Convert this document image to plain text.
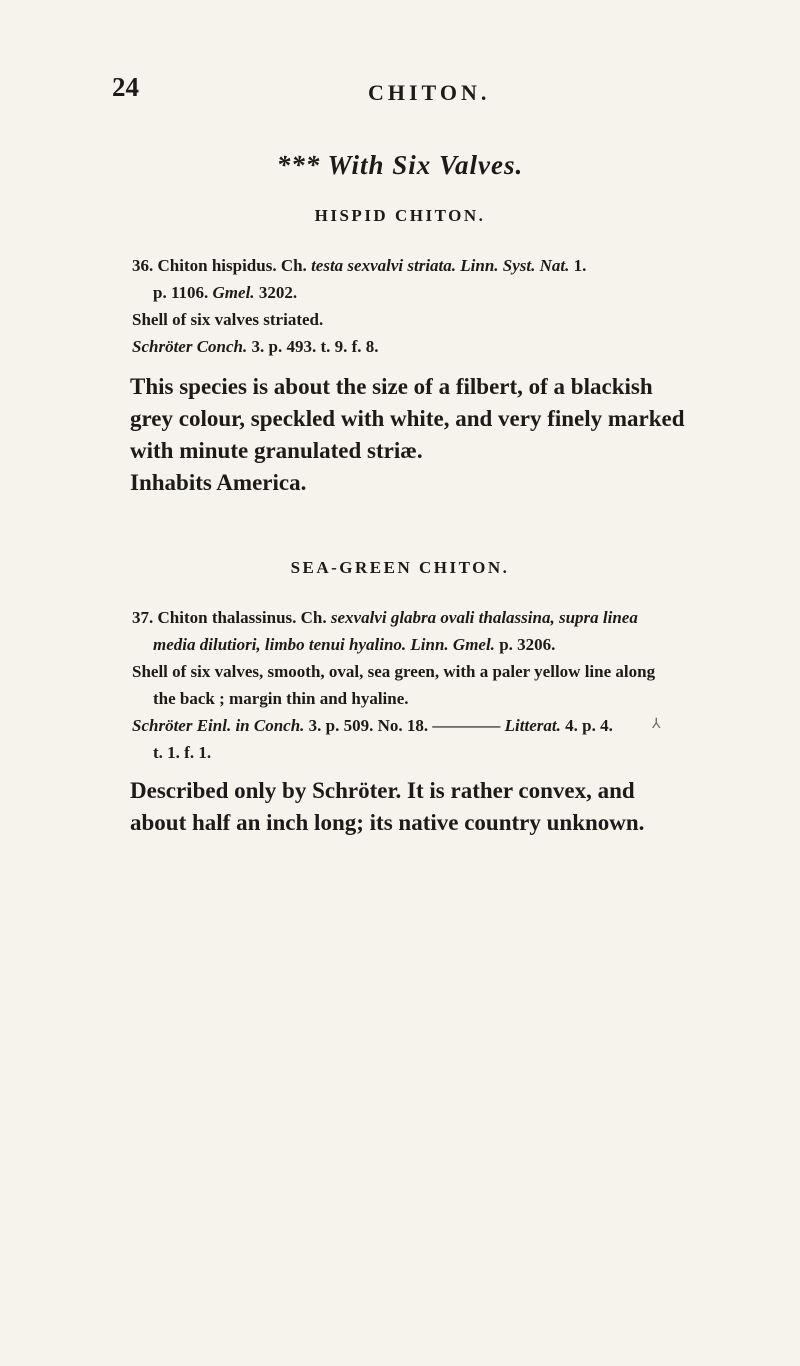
24	CHITON.
*** With Six Valves.
HISPID CHITON.
36. Chiton hispidus. Ch. testa sexvalvi striata. Linn. Syst. Nat. 1.
p. 1106. Gmel. 3202.
Shell of six valves striated.
Schröter Conch. 3. p. 493. t. 9. f. 8.
This species is about the size of a filbert, of a blackish
grey colour, speckled with white, and very finely marked
with minute granulated striæ.
Inhabits America.
SEA-GREEN CHITON.
37. Chiton thalassinus. Ch. sexvalvi glabra ovali thalassina, supra linea
media dilutiori, limbo tenui hyalino. Linn. Gmel. p. 3206.
Shell of six valves, smooth, oval, sea green, with a paler yellow line along
the back ; margin thin and hyaline.
Schröter Einl. in Conch. 3. p. 509. No. 18. ———— Litterat. 4. p. 4.
t. 1. f. 1.
⅄
Described only by Schröter. It is rather convex, and
about half an inch long; its native country unknown.
